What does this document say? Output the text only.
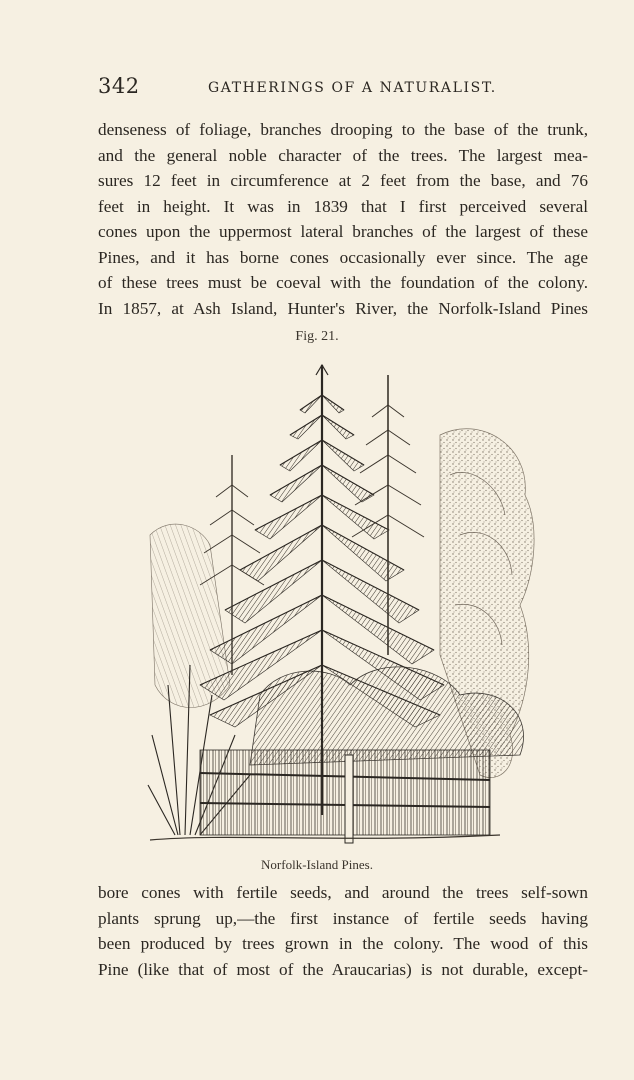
342	GATHERINGS OF A NATURALIST.
denseness of foliage, branches drooping to the base of the trunk,
and the general noble character of the trees. The largest mea-
sures 12 feet in circumference at 2 feet from the base, and 76
feet in height. It was in 1839 that I first perceived several
cones upon the uppermost lateral branches of the largest of these
Pines, and it has borne cones occasionally ever since. The age
of these trees must be coeval with the foundation of the colony.
In 1857, at Ash Island, Hunter's River, the Norfolk-Island Pines
Fig. 21.
Norfolk-Island Pines.
bore cones with fertile seeds, and around the trees self-sown
plants sprung up,—the first instance of fertile seeds having
been produced by trees grown in the colony. The wood of this
Pine (like that of most of the Araucarias) is not durable, except-
